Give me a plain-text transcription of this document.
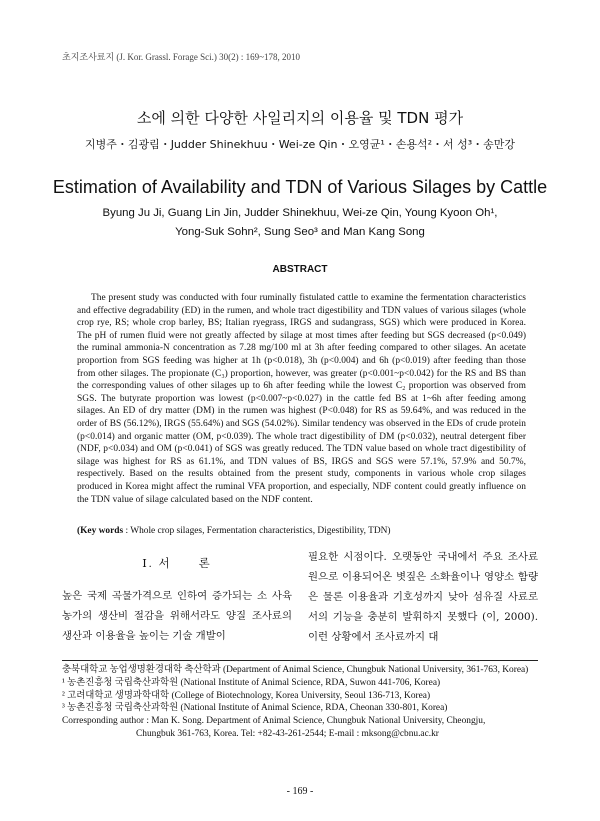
초지조사료지 (J. Kor. Grassl. Forage Sci.) 30(2) : 169~178, 2010
소에 의한 다양한 사일리지의 이용율 및 TDN 평가
지병주・김광림・Judder Shinekhuu・Wei-ze Qin・오영균¹・손용석²・서 성³・송만강
Estimation of Availability and TDN of Various Silages by Cattle
Byung Ju Ji, Guang Lin Jin, Judder Shinekhuu, Wei-ze Qin, Young Kyoon Oh¹,
Yong-Suk Sohn², Sung Seo³ and Man Kang Song
ABSTRACT
The present study was conducted with four ruminally fistulated cattle to examine the fermentation characteristics and effective degradability (ED) in the rumen, and whole tract digestibility and TDN values of various silages (whole crop rye, RS; whole crop barley, BS; Italian ryegrass, IRGS and sudangrass, SGS) which were produced in Korea. The pH of rumen fluid were not greatly affected by silage at most times after feeding but SGS decreased (p<0.049) the ruminal ammonia-N concentration as 7.28 mg/100 ml at 3h after feeding compared to other silages. An acetate proportion from SGS feeding was higher at 1h (p<0.018), 3h (p<0.004) and 6h (p<0.019) after feeding than those from other silages. The propionate (C₃) proportion, however, was greater (p<0.001~p<0.042) for the RS and BS than the corresponding values of other silages up to 6h after feeding while the lowest C₂ proportion was observed from SGS. The butyrate proportion was lowest (p<0.007~p<0.027) in the cattle fed BS at 1~6h after feeding among silages. An ED of dry matter (DM) in the rumen was highest (P<0.048) for RS as 59.64%, and was reduced in the order of BS (56.12%), IRGS (55.64%) and SGS (54.02%). Similar tendency was observed in the EDs of crude protein (p<0.014) and organic matter (OM, p<0.039). The whole tract digestibility of DM (p<0.032), neutral detergent fiber (NDF, p<0.034) and OM (p<0.041) of SGS was greatly reduced. The TDN value based on whole tract digestibility of silage was highest for RS as 61.1%, and TDN values of BS, IRGS and SGS were 57.1%, 57.9% and 50.7%, respectively. Based on the results obtained from the present study, components in various whole crop silages produced in Korea might affect the ruminal VFA proportion, and especially, NDF content could greatly influence on the TDN value of silage calculated based on the NDF content.
(Key words : Whole crop silages, Fermentation characteristics, Digestibility, TDN)
Ⅰ. 서　　론
높은 국제 곡물가격으로 인하여 증가되는 소 사육 농가의 생산비 절감을 위해서라도 양질 조사료의 생산과 이용율을 높이는 기술 개발이
필요한 시점이다. 오랫동안 국내에서 주요 조사료 원으로 이용되어온 볏짚은 소화율이나 영양소 함량은 물론 이용율과 기호성까지 낮아 섬유질 사료로서의 기능을 충분히 발휘하지 못했다 (이, 2000). 이런 상황에서 조사료까지 대

충북대학교 농업생명환경대학 축산학과 (Department of Animal Science, Chungbuk National University, 361-763, Korea)

¹ 농촌진흥청 국립축산과학원 (National Institute of Animal Science, RDA, Suwon 441-706, Korea)

² 고려대학교 생명과학대학 (College of Biotechnology, Korea University, Seoul 136-713, Korea)

³ 농촌진흥청 국립축산과학원 (National Institute of Animal Science, RDA, Cheonan 330-801, Korea)

Corresponding author : Man K. Song. Department of Animal Science, Chungbuk National University, Cheongju,

Chungbuk 361-763, Korea. Tel: +82-43-261-2544; E-mail : mksong@cbnu.ac.kr

- 169 -
